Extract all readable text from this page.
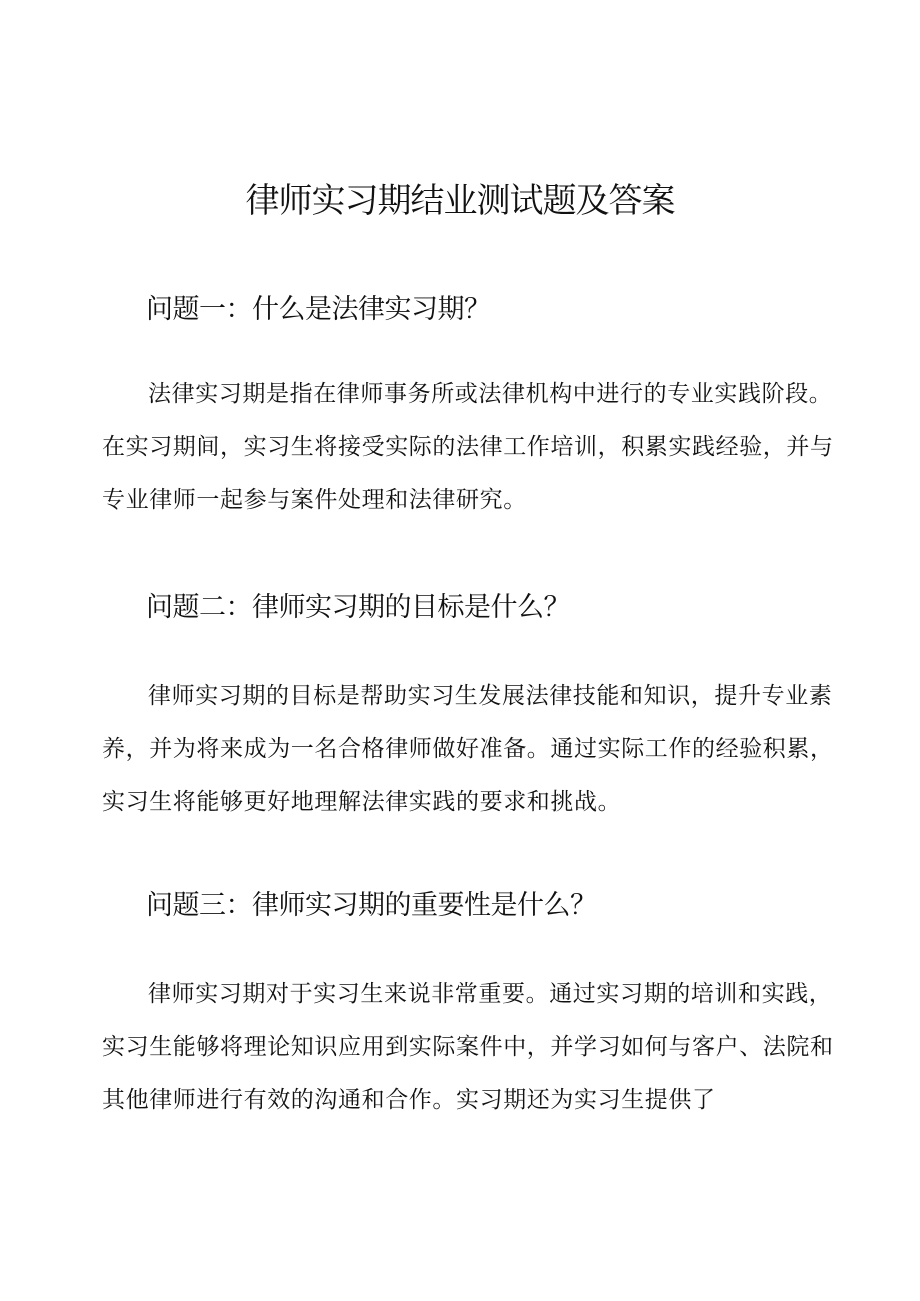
律师实习期结业测试题及答案
问题一：什么是法律实习期？

法律实习期是指在律师事务所或法律机构中进行的专业实践阶段。在实习期间，实习生将接受实际的法律工作培训，积累实践经验，并与专业律师一起参与案件处理和法律研究。

问题二：律师实习期的目标是什么？

律师实习期的目标是帮助实习生发展法律技能和知识，提升专业素养，并为将来成为一名合格律师做好准备。通过实际工作的经验积累，实习生将能够更好地理解法律实践的要求和挑战。

问题三：律师实习期的重要性是什么？

律师实习期对于实习生来说非常重要。通过实习期的培训和实践，实习生能够将理论知识应用到实际案件中，并学习如何与客户、法院和其他律师进行有效的沟通和合作。实习期还为实习生提供了
